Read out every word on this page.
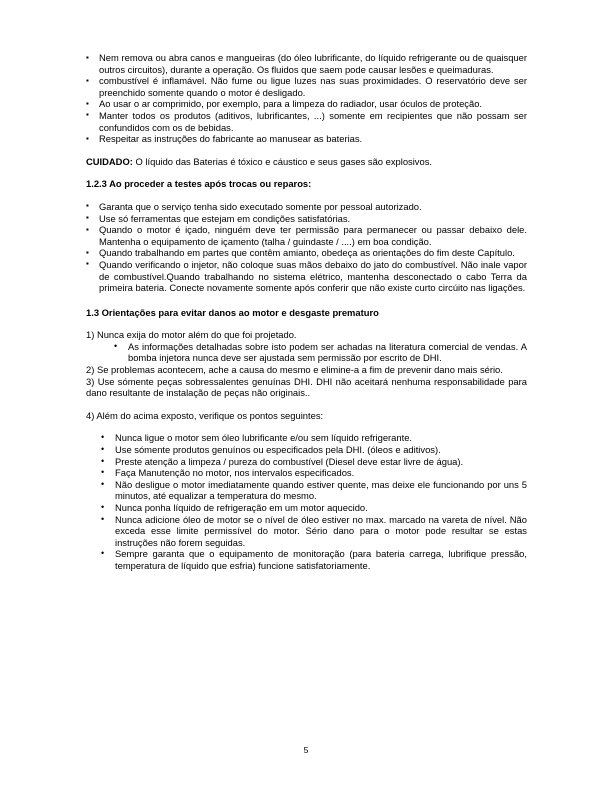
▪ Nem remova ou abra canos e mangueiras (do óleo lubrificante, do líquido refrigerante ou de quaisquer outros circuitos), durante a operação. Os fluidos que saem pode causar lesões e queimaduras.
▪ combustível é inflamável. Não fume ou ligue luzes nas suas proximidades. O reservatório deve ser preenchido somente quando o motor é desligado.
▪ Ao usar o ar comprimido, por exemplo, para a limpeza do radiador, usar óculos de proteção.
▪ Manter todos os produtos (aditivos, lubrificantes, ...) somente em recipientes que não possam ser confundidos com os de bebidas.
▪ Respeitar as instruções do fabricante ao manusear as baterias.

CUIDADO: O líquido das Baterias é tóxico e cáustico e seus gases são explosivos.

1.2.3 Ao proceder a testes após trocas ou reparos:
▪ Garanta que o serviço tenha sido executado somente por pessoal autorizado.
▪ Use só ferramentas que estejam em condições satisfatórias.
▪ Quando o motor é içado, ninguém deve ter permissão para permanecer ou passar debaixo dele. Mantenha o equipamento de içamento (talha / guindaste / ....) em boa condição.
▪ Quando trabalhando em partes que contêm amianto, obedeça as orientações do fim deste Capítulo.
▪ Quando verificando o injetor, não coloque suas mãos debaixo do jato do combustível. Não inale vapor de combustível.Quando trabalhando no sistema elétrico, mantenha desconectado o cabo Terra da primeira bateria. Conecte novamente somente após conferir que não existe curto circúito nas ligações.
1.3 Orientações para evitar danos ao motor e desgaste prematuro

1) Nunca exija do motor além do que foi projetado.

• As informações detalhadas sobre isto podem ser achadas na literatura comercial de vendas. A bomba injetora nunca deve ser ajustada sem permissão por escrito de DHI.

2) Se problemas acontecem, ache a causa do mesmo e elimine-a a fim de prevenir dano mais sério.

3) Use sómente peças sobressalentes genuínas DHI. DHI não aceitará nenhuma responsabilidade para dano resultante de instalação de peças não originais..

4) Além do acima exposto, verifique os pontos seguintes:

• Nunca ligue o motor sem óleo lubrificante e/ou sem líquido refrigerante.
• Use sómente produtos genuínos ou especificados pela DHI. (óleos e aditivos).
• Preste atenção a limpeza / pureza do combustível (Diesel deve estar livre de água).
• Faça Manutenção no motor, nos intervalos especificados.
• Não desligue o motor imediatamente quando estiver quente, mas deixe ele funcionando por uns 5 minutos, até equalizar a temperatura do mesmo.
• Nunca ponha líquido de refrigeração em um motor aquecido.
• Nunca adicione óleo de motor se o nível de óleo estiver no max. marcado na vareta de nível. Não exceda esse limite permissível do motor. Sério dano para o motor pode resultar se estas instruções não forem seguidas.
• Sempre garanta que o equipamento de monitoração (para bateria carrega, lubrifique pressão, temperatura de líquido que esfria) funcione satisfatoriamente.
5
